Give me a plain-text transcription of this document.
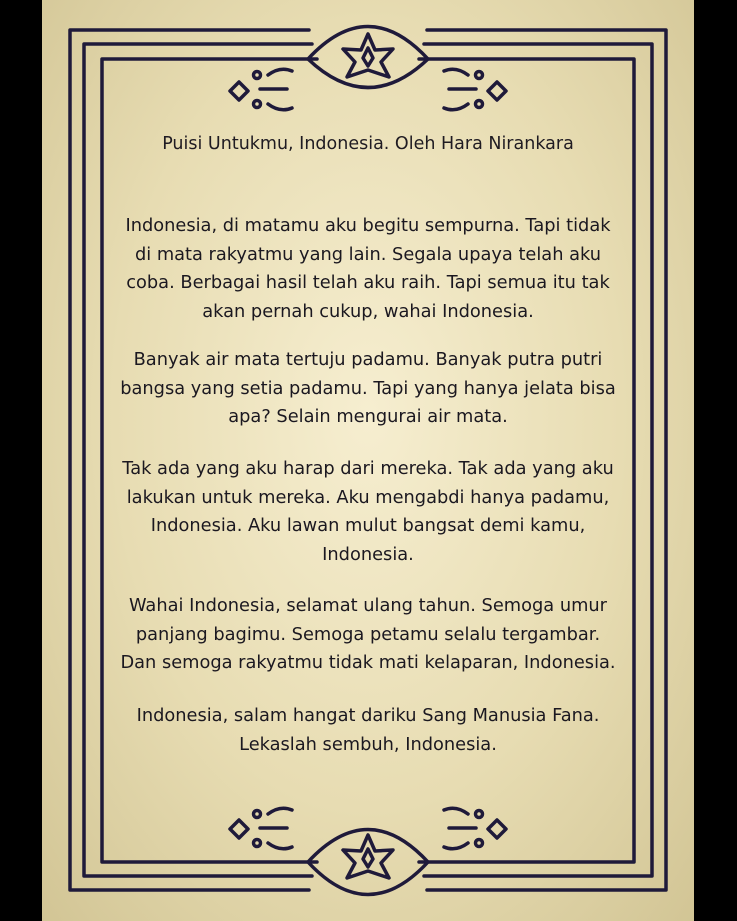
Puisi Untukmu, Indonesia. Oleh Hara Nirankara
Indonesia, di matamu aku begitu sempurna. Tapi tidak
di mata rakyatmu yang lain. Segala upaya telah aku
coba. Berbagai hasil telah aku raih. Tapi semua itu tak
akan pernah cukup, wahai Indonesia.
Banyak air mata tertuju padamu. Banyak putra putri
bangsa yang setia padamu. Tapi yang hanya jelata bisa
apa? Selain mengurai air mata.
Tak ada yang aku harap dari mereka. Tak ada yang aku
lakukan untuk mereka. Aku mengabdi hanya padamu,
Indonesia. Aku lawan mulut bangsat demi kamu,
Indonesia.
Wahai Indonesia, selamat ulang tahun. Semoga umur
panjang bagimu. Semoga petamu selalu tergambar.
Dan semoga rakyatmu tidak mati kelaparan, Indonesia.
Indonesia, salam hangat dariku Sang Manusia Fana.
Lekaslah sembuh, Indonesia.
